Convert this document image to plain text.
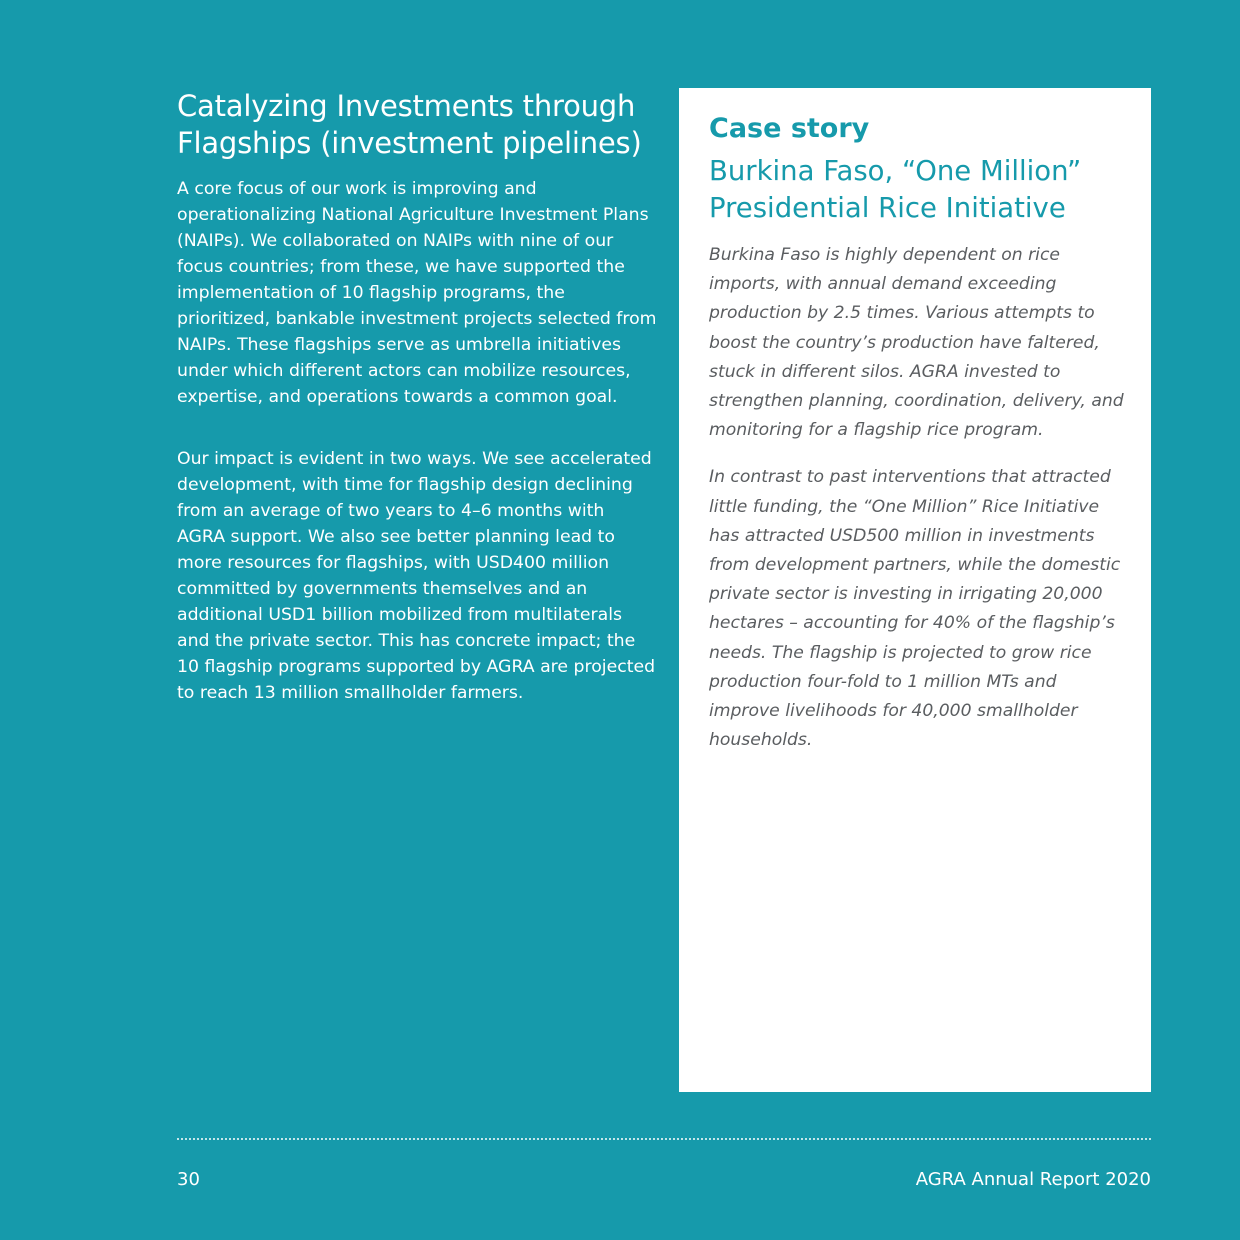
Catalyzing Investments through
Flagships (investment pipelines)

A core focus of our work is improving and operationalizing National Agriculture Investment Plans (NAIPs). We collaborated on NAIPs with nine of our focus countries; from these, we have supported the implementation of 10 flagship programs, the prioritized, bankable investment projects selected from NAIPs. These flagships serve as umbrella initiatives under which different actors can mobilize resources, expertise, and operations towards a common goal.

Our impact is evident in two ways. We see accelerated development, with time for flagship design declining from an average of two years to 4–6 months with AGRA support. We also see better planning lead to more resources for flagships, with USD400 million committed by governments themselves and an additional USD1 billion mobilized from multilaterals and the private sector. This has concrete impact; the 10 flagship programs supported by AGRA are projected to reach 13 million smallholder farmers.

Case story
Burkina Faso, “One Million”
Presidential Rice Initiative

Burkina Faso is highly dependent on rice imports, with annual demand exceeding production by 2.5 times. Various attempts to boost the country’s production have faltered, stuck in different silos. AGRA invested to strengthen planning, coordination, delivery, and monitoring for a flagship rice program.

In contrast to past interventions that attracted little funding, the “One Million” Rice Initiative has attracted USD500 million in investments from development partners, while the domestic private sector is investing in irrigating 20,000 hectares – accounting for 40% of the flagship’s needs. The flagship is projected to grow rice production four-fold to 1 million MTs and improve livelihoods for 40,000 smallholder households.

30	AGRA Annual Report 2020
